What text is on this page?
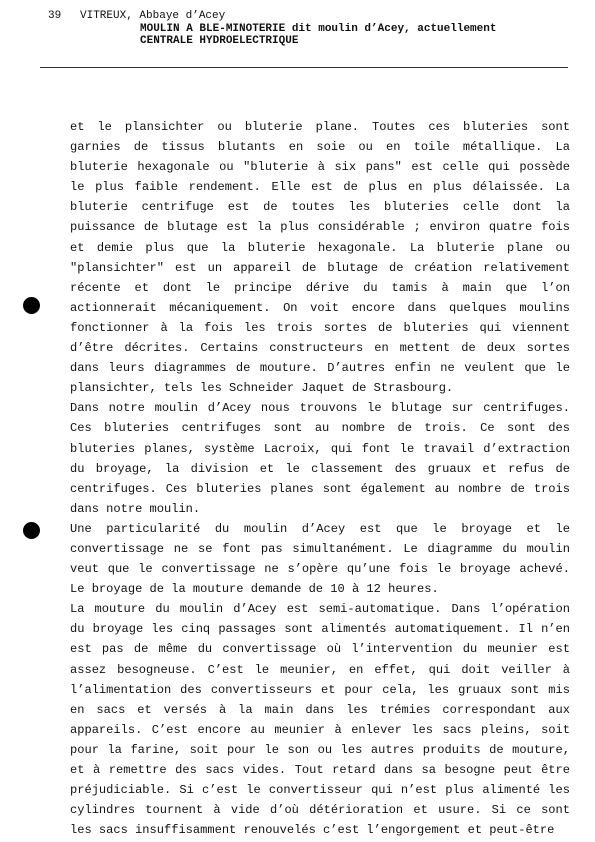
39 VITREUX, Abbaye d’Acey
MOULIN A BLE-MINOTERIE dit moulin d’Acey, actuellement
CENTRALE HYDROELECTRIQUE
et le plansichter ou bluterie plane. Toutes ces bluteries sont
garnies de tissus blutants en soie ou en toile métallique. La
bluterie hexagonale ou "bluterie à six pans" est celle qui possède
le plus faible rendement. Elle est de plus en plus délaissée. La
bluterie centrifuge est de toutes les bluteries celle dont la
puissance de blutage est la plus considérable ; environ quatre fois
et demie plus que la bluterie hexagonale. La bluterie plane ou
"plansichter" est un appareil de blutage de création relativement
récente et dont le principe dérive du tamis à main que l’on
actionnerait mécaniquement. On voit encore dans quelques moulins
fonctionner à la fois les trois sortes de bluteries qui viennent
d’être décrites. Certains constructeurs en mettent de deux sortes
dans leurs diagrammes de mouture. D’autres enfin ne veulent que le
plansichter, tels les Schneider Jaquet de Strasbourg.
Dans notre moulin d’Acey nous trouvons le blutage sur centrifuges.
Ces bluteries centrifuges sont au nombre de trois. Ce sont des
bluteries planes, système Lacroix, qui font le travail d’extraction
du broyage, la division et le classement des gruaux et refus de
centrifuges. Ces bluteries planes sont également au nombre de trois
dans notre moulin.
Une particularité du moulin d’Acey est que le broyage et le
convertissage ne se font pas simultanément. Le diagramme du moulin
veut que le convertissage ne s’opère qu’une fois le broyage achevé.
Le broyage de la mouture demande de 10 à 12 heures.
La mouture du moulin d’Acey est semi-automatique. Dans l’opération
du broyage les cinq passages sont alimentés automatiquement. Il n’en
est pas de même du convertissage où l’intervention du meunier est
assez besogneuse. C’est le meunier, en effet, qui doit veiller à
l’alimentation des convertisseurs et pour cela, les gruaux sont mis
en sacs et versés à la main dans les trémies correspondant aux
appareils. C’est encore au meunier à enlever les sacs pleins, soit
pour la farine, soit pour le son ou les autres produits de mouture,
et à remettre des sacs vides. Tout retard dans sa besogne peut être
préjudiciable. Si c’est le convertisseur qui n’est plus alimenté les
cylindres tournent à vide d’où détérioration et usure. Si ce sont
les sacs insuffisamment renouvelés c’est l’engorgement et peut-être
